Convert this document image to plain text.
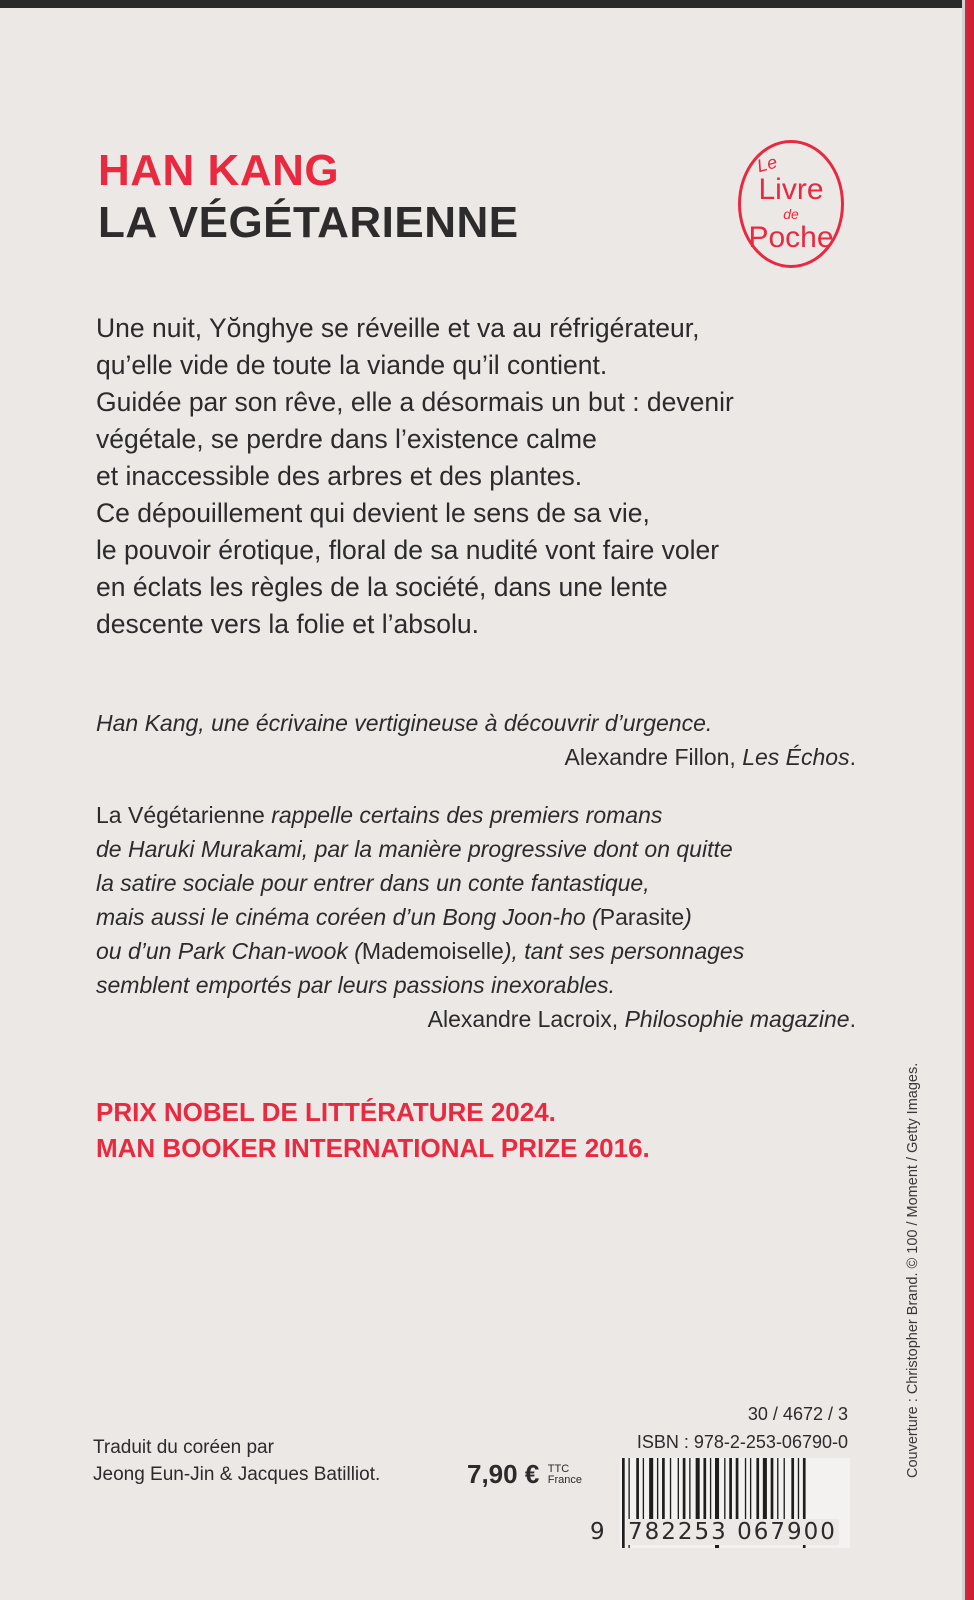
HAN KANG
LA VÉGÉTARIENNE
Le
Livre
de
Poche
Une nuit, Yŏnghye se réveille et va au réfrigérateur,
qu’elle vide de toute la viande qu’il contient.
Guidée par son rêve, elle a désormais un but : devenir
végétale, se perdre dans l’existence calme
et inaccessible des arbres et des plantes.
Ce dépouillement qui devient le sens de sa vie,
le pouvoir érotique, floral de sa nudité vont faire voler
en éclats les règles de la société, dans une lente
descente vers la folie et l’absolu.
Han Kang, une écrivaine vertigineuse à découvrir d’urgence.
Alexandre Fillon, Les Échos.
La Végétarienne rappelle certains des premiers romans
de Haruki Murakami, par la manière progressive dont on quitte
la satire sociale pour entrer dans un conte fantastique,
mais aussi le cinéma coréen d’un Bong Joon-ho (Parasite)
ou d’un Park Chan-wook (Mademoiselle), tant ses personnages
semblent emportés par leurs passions inexorables.
Alexandre Lacroix, Philosophie magazine.
PRIX NOBEL DE LITTÉRATURE 2024.
MAN BOOKER INTERNATIONAL PRIZE 2016.	Couverture : Christopher Brand. © 100 / Moment / Getty Images.
Traduit du coréen par
Jeong Eun-Jin & Jacques Batilliot.	7,90 € TTC
France
30 / 4672 / 3
ISBN : 978-2-253-06790-0
9 782253 067900
